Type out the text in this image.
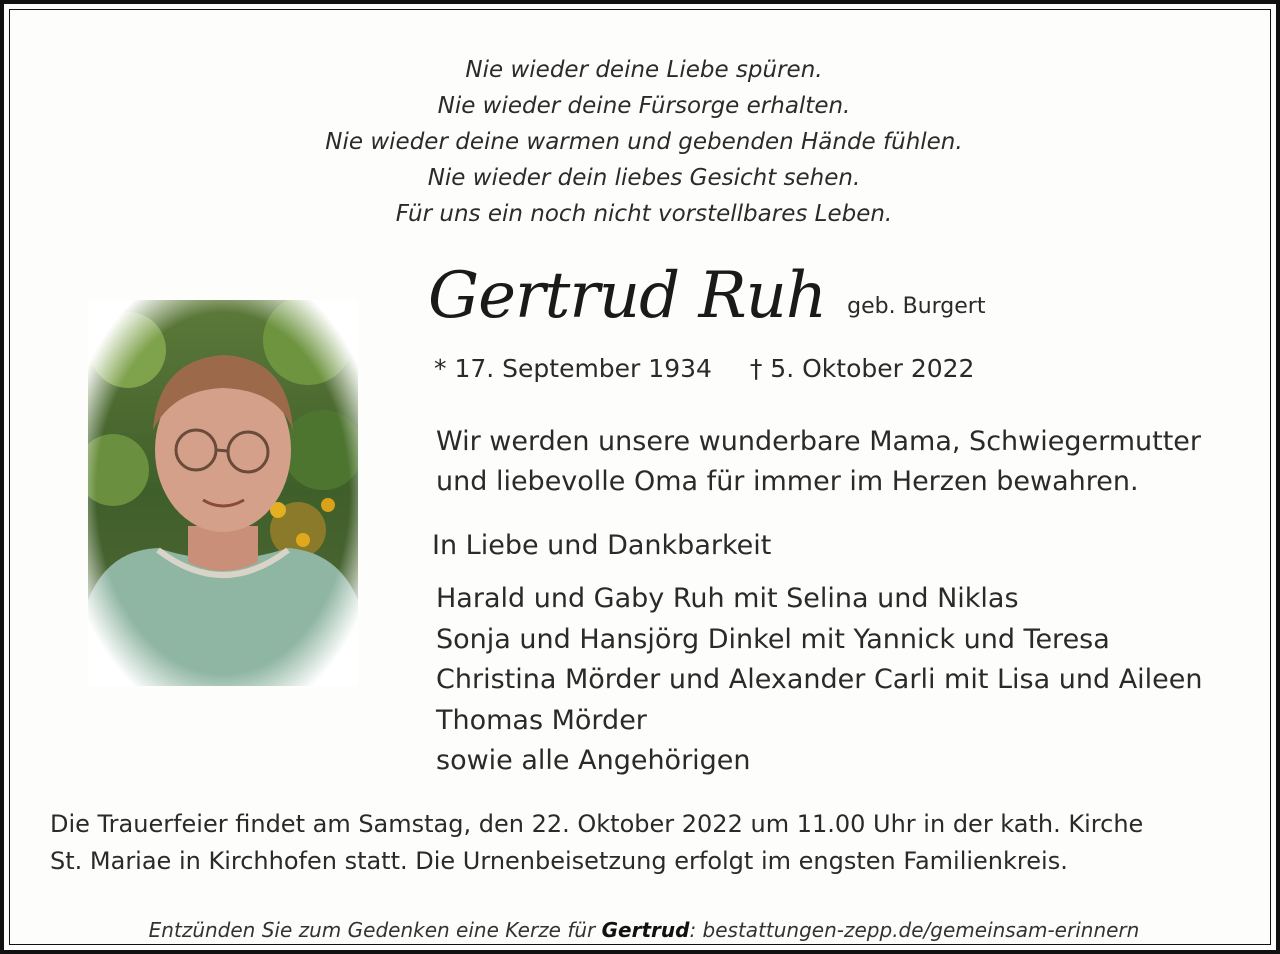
Nie wieder deine Liebe spüren.
Nie wieder deine Fürsorge erhalten.
Nie wieder deine warmen und gebenden Hände fühlen.
Nie wieder dein liebes Gesicht sehen.
Für uns ein noch nicht vorstellbares Leben.
Gertrud Ruh geb. Burgert
* 17. September 1934 † 5. Oktober 2022
Wir werden unsere wunderbare Mama, Schwiegermutter
und liebevolle Oma für immer im Herzen bewahren.
In Liebe und Dankbarkeit
Harald und Gaby Ruh mit Selina und Niklas
Sonja und Hansjörg Dinkel mit Yannick und Teresa
Christina Mörder und Alexander Carli mit Lisa und Aileen
Thomas Mörder
sowie alle Angehörigen
Die Trauerfeier findet am Samstag, den 22. Oktober 2022 um 11.00 Uhr in der kath. Kirche
St. Mariae in Kirchhofen statt. Die Urnenbeisetzung erfolgt im engsten Familienkreis.
Entzünden Sie zum Gedenken eine Kerze für Gertrud: bestattungen-zepp.de/gemeinsam-erinnern
